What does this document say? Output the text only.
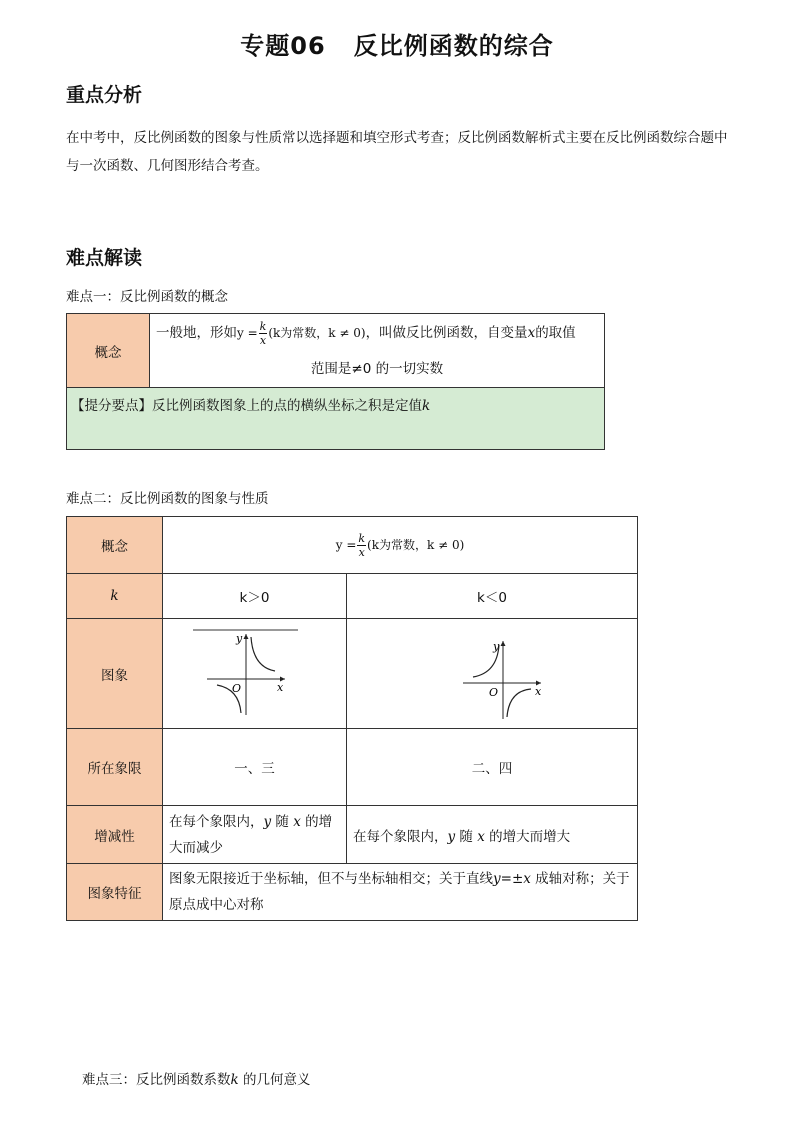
专题06 反比例函数的综合
重点分析
在中考中，反比例函数的图象与性质常以选择题和填空形式考查；反比例函数解析式主要在反比例函数综合题中与一次函数、几何图形结合考查。
难点解读
难点一：反比例函数的概念
概念	
一般地，形如$y = \frac{k}{x} (k$为常数，k ≠ 0)，叫做反比例函数，自变量x的取值
范围是≠0 的一切实数

【提分要点】反比例函数图象上的点的横纵坐标之积是定值k
难点二：反比例函数的图象与性质
概念	$y = \frac{k}{x} (k$为常数，k ≠ 0)	
k	k＞0	k＜0
图象	y
x
O	y
x
O

所在象限	一、三	二、四
增减性	在每个象限内，y 随 x 的增大而减少	在每个象限内，y 随 x 的增大而增大
图象特征	图象无限接近于坐标轴，但不与坐标轴相交；关于直线y=±x 成轴对称；关于原点成中心对称	
难点三：反比例函数系数k 的几何意义
